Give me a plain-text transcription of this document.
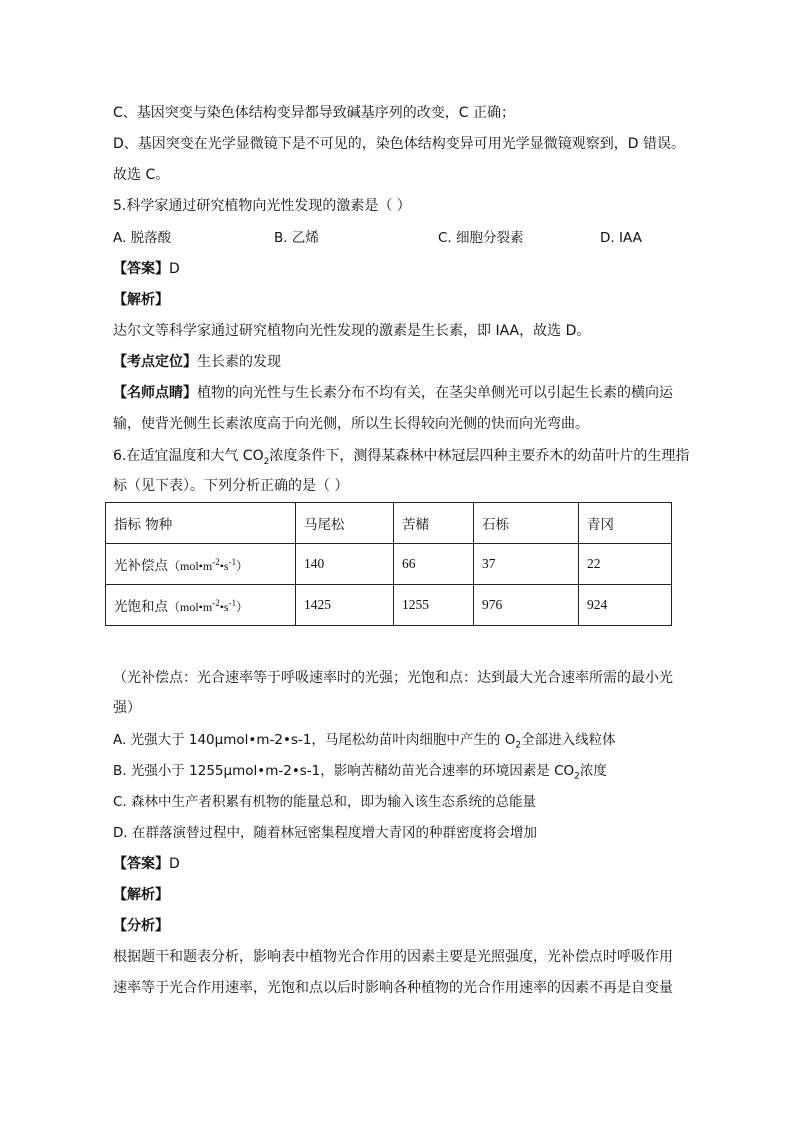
C、基因突变与染色体结构变异都导致碱基序列的改变，C 正确；
D、基因突变在光学显微镜下是不可见的，染色体结构变异可用光学显微镜观察到，D 错误。
故选 C。
5.科学家通过研究植物向光性发现的激素是（ ）
A. 脱落酸	B. 乙烯	C. 细胞分裂素	D. IAA
【答案】D
【解析】
达尔文等科学家通过研究植物向光性发现的激素是生长素，即 IAA，故选 D。
【考点定位】生长素的发现
【名师点睛】植物的向光性与生长素分布不均有关，在茎尖单侧光可以引起生长素的横向运
输，使背光侧生长素浓度高于向光侧，所以生长得较向光侧的快而向光弯曲。
6.在适宜温度和大气 $CO_2$浓度条件下，测得某森林中林冠层四种主要乔木的幼苗叶片的生理指
标（见下表）。下列分析正确的是（ ）
指标 物种	马尾松	苦槠	石栎	青冈
光补偿点$(mol•m^{-2}•s^{-1})$	140	66	37	22
光饱和点$(mol•m^{-2}•s^{-1})$	1425	1255	976	924
（光补偿点：光合速率等于呼吸速率时的光强；光饱和点：达到最大光合速率所需的最小光
强）
A. 光强大于 140μmol•m-2•s-1，马尾松幼苗叶肉细胞中产生的 $O_2$全部进入线粒体
B. 光强小于 1255μmol•m-2•s-1，影响苦槠幼苗光合速率的环境因素是 $CO_2$浓度
C. 森林中生产者积累有机物的能量总和，即为输入该生态系统的总能量
D. 在群落演替过程中，随着林冠密集程度增大青冈的种群密度将会增加
【答案】D
【解析】
【分析】
根据题干和题表分析，影响表中植物光合作用的因素主要是光照强度，光补偿点时呼吸作用
速率等于光合作用速率，光饱和点以后时影响各种植物的光合作用速率的因素不再是自变量
